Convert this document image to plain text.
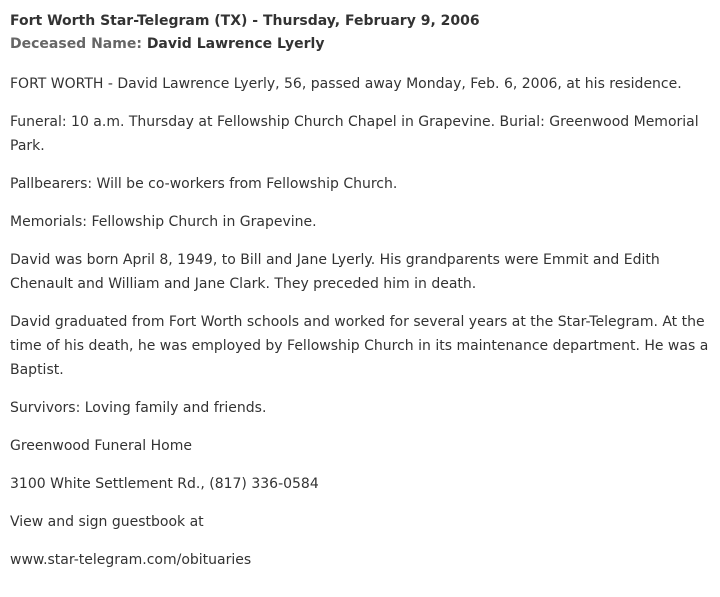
Fort Worth Star-Telegram (TX) - Thursday, February 9, 2006
Deceased Name: David Lawrence Lyerly

FORT WORTH - David Lawrence Lyerly, 56, passed away Monday, Feb. 6, 2006, at his residence.

Funeral: 10 a.m. Thursday at Fellowship Church Chapel in Grapevine. Burial: Greenwood Memorial Park.

Pallbearers: Will be co-workers from Fellowship Church.

Memorials: Fellowship Church in Grapevine.

David was born April 8, 1949, to Bill and Jane Lyerly. His grandparents were Emmit and Edith Chenault and William and Jane Clark. They preceded him in death.

David graduated from Fort Worth schools and worked for several years at the Star-Telegram. At the time of his death, he was employed by Fellowship Church in its maintenance department. He was a Baptist.

Survivors: Loving family and friends.

Greenwood Funeral Home

3100 White Settlement Rd., (817) 336-0584

View and sign guestbook at

www.star-telegram.com/obituaries
